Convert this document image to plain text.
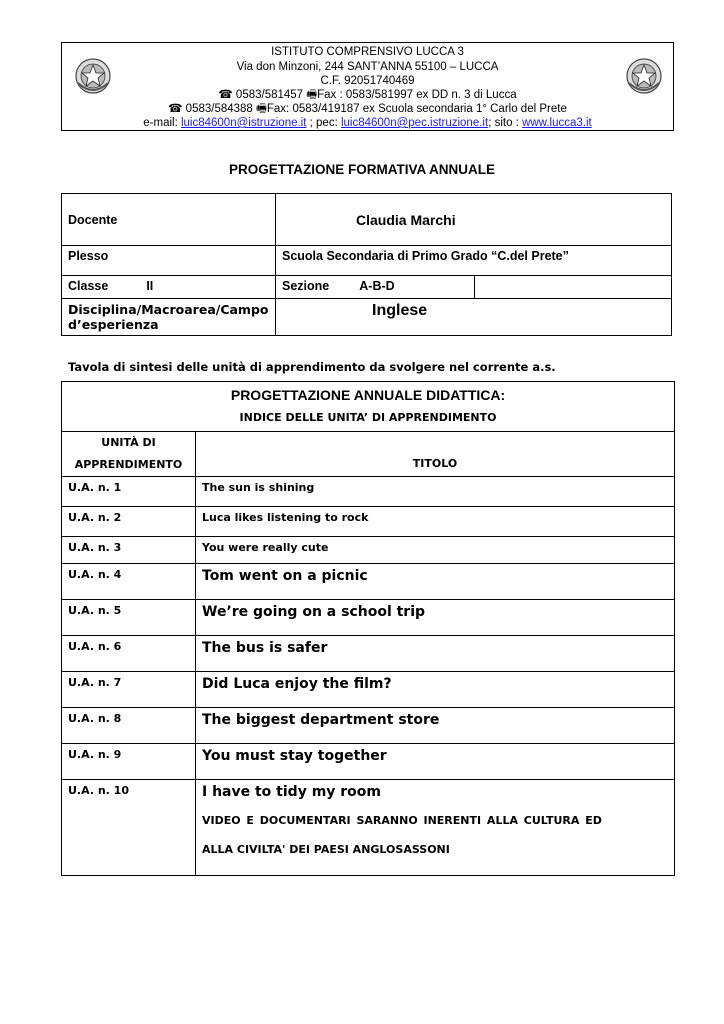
ISTITUTO COMPRENSIVO LUCCA 3
Via don Minzoni, 244 SANT’ANNA 55100 – LUCCA
C.F. 92051740469
☎ 0583/581457 🖷Fax : 0583/581997 ex DD n. 3 di Lucca
☎ 0583/584388 🖷Fax: 0583/419187 ex Scuola secondaria 1° Carlo del Prete
e-mail: luic84600n@istruzione.it ; pec: luic84600n@pec.istruzione.it; sito : www.lucca3.it
PROGETTAZIONE FORMATIVA ANNUALE
Docente	Claudia Marchi	
Plesso	Scuola Secondaria di Primo Grado “C.del Prete”	
Classe II	Sezione A-B-D	
Disciplina/Macroarea/Campo d’esperienza	Inglese	
Tavola di sintesi delle unità di apprendimento da svolgere nel corrente a.s.
PROGETTAZIONE ANNUALE DIDATTICA:
INDICE DELLE UNITA’ DI APPRENDIMENTO	

UNITÀ DI
APPRENDIMENTO	TITOLO
U.A. n. 1	The sun is shining
U.A. n. 2	Luca likes listening to rock
U.A. n. 3	You were really cute
U.A. n. 4	Tom went on a picnic
U.A. n. 5	We’re going on a school trip
U.A. n. 6	The bus is safer
U.A. n. 7	Did Luca enjoy the film?
U.A. n. 8	The biggest department store
U.A. n. 9	You must stay together
U.A. n. 10	I have to tidy my room
VIDEO E DOCUMENTARI SARANNO INERENTI ALLA CULTURA ED
ALLA CIVILTA' DEI PAESI ANGLOSASSONI
